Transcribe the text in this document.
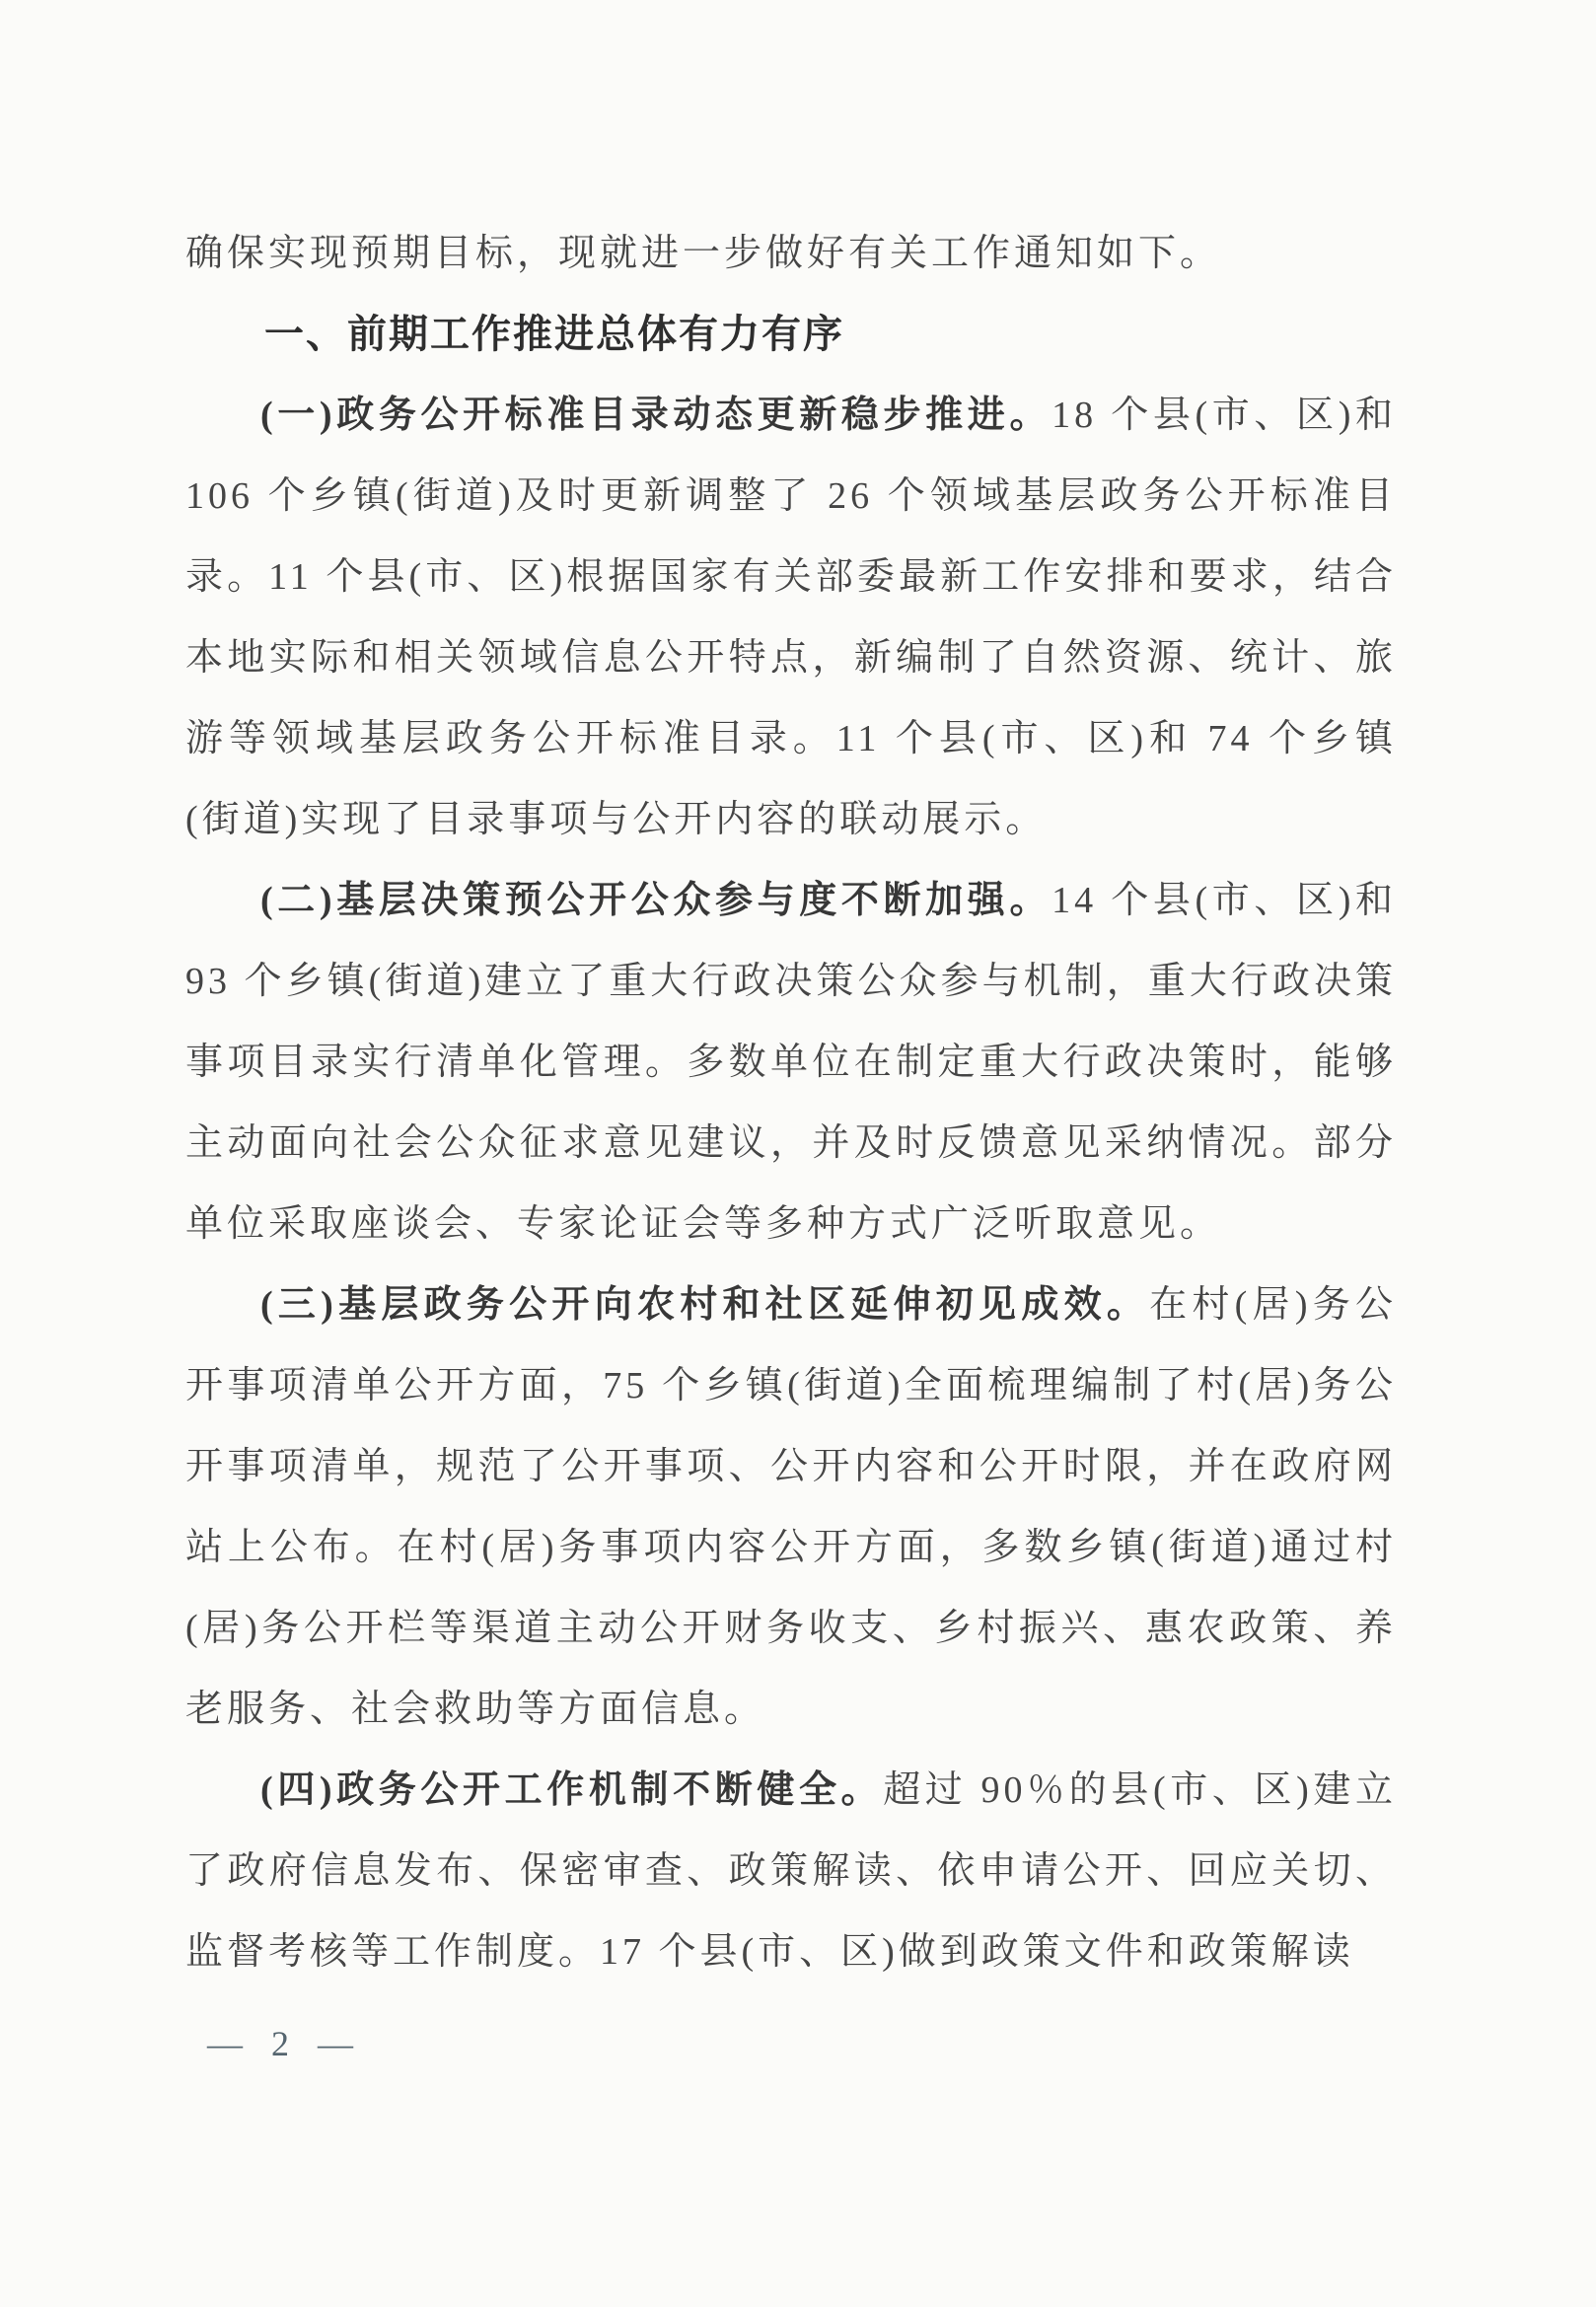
确保实现预期目标，现就进一步做好有关工作通知如下。

一、前期工作推进总体有力有序

(一)政务公开标准目录动态更新稳步推进。18 个县(市、区)和 106 个乡镇(街道)及时更新调整了 26 个领域基层政务公开标准目录。11 个县(市、区)根据国家有关部委最新工作安排和要求，结合本地实际和相关领域信息公开特点，新编制了自然资源、统计、旅游等领域基层政务公开标准目录。11 个县(市、区)和 74 个乡镇(街道)实现了目录事项与公开内容的联动展示。

(二)基层决策预公开公众参与度不断加强。14 个县(市、区)和 93 个乡镇(街道)建立了重大行政决策公众参与机制，重大行政决策事项目录实行清单化管理。多数单位在制定重大行政决策时，能够主动面向社会公众征求意见建议，并及时反馈意见采纳情况。部分单位采取座谈会、专家论证会等多种方式广泛听取意见。

(三)基层政务公开向农村和社区延伸初见成效。在村(居)务公开事项清单公开方面，75 个乡镇(街道)全面梳理编制了村(居)务公开事项清单，规范了公开事项、公开内容和公开时限，并在政府网站上公布。在村(居)务事项内容公开方面，多数乡镇(街道)通过村(居)务公开栏等渠道主动公开财务收支、乡村振兴、惠农政策、养老服务、社会救助等方面信息。

(四)政务公开工作机制不断健全。超过 90％的县(市、区)建立了政府信息发布、保密审查、政策解读、依申请公开、回应关切、监督考核等工作制度。17 个县(市、区)做到政策文件和政策解读

— 2 —
